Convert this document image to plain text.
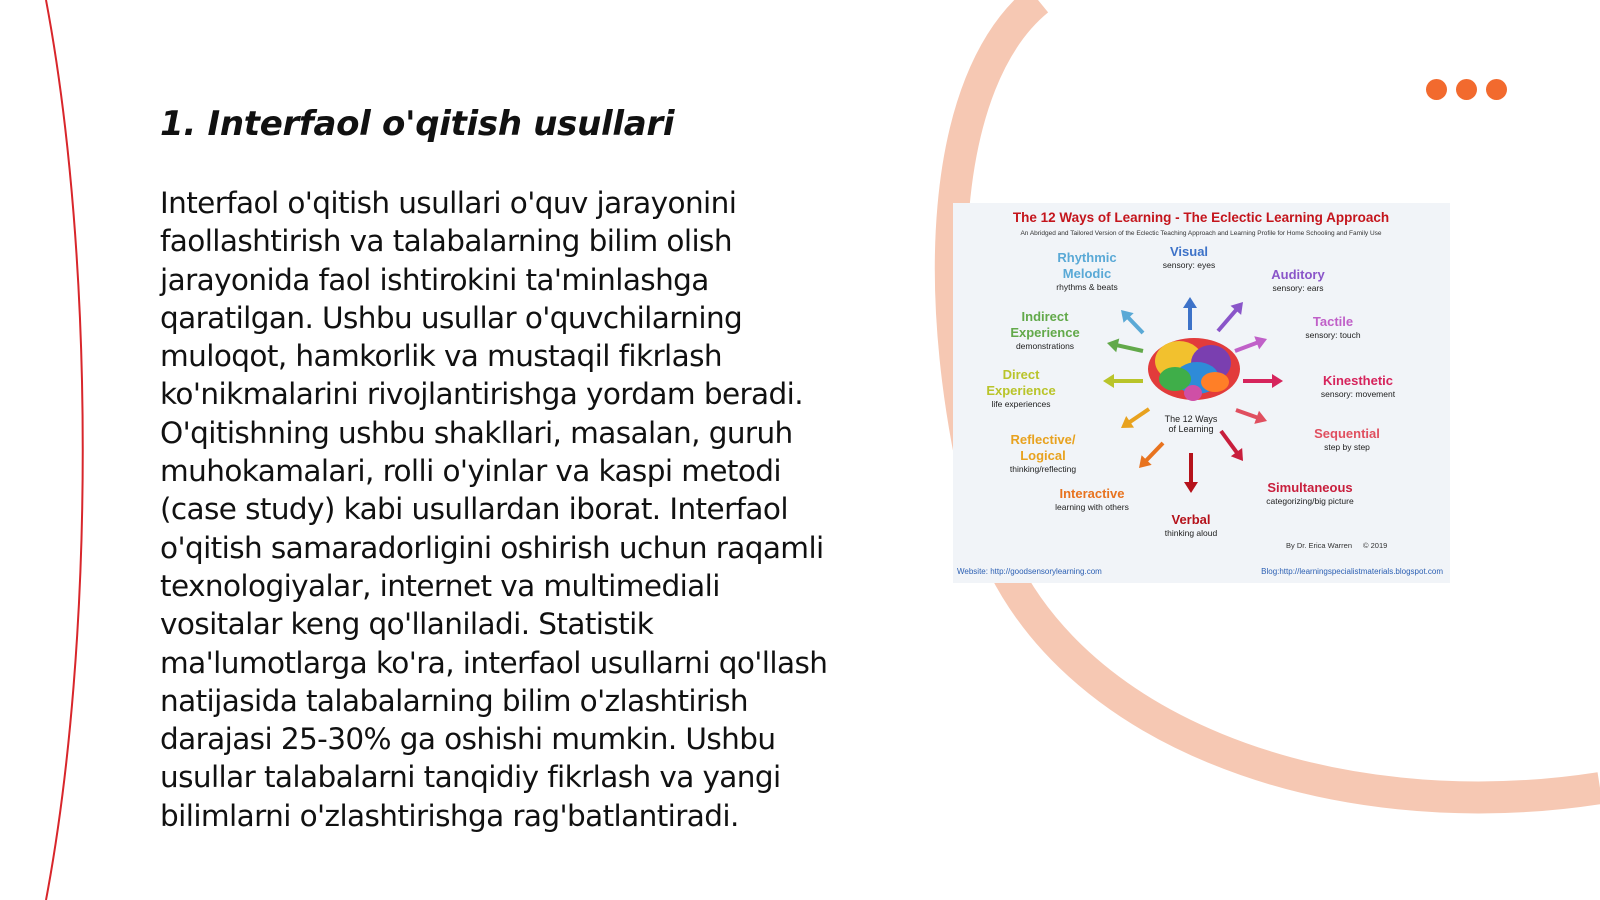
1. Interfaol o'qitish usullari

Interfaol o'qitish usullari o'quv jarayonini faollashtirish va talabalarning bilim olish jarayonida faol ishtirokini ta'minlashga qaratilgan. Ushbu usullar o'quvchilarning muloqot, hamkorlik va mustaqil fikrlash ko'nikmalarini rivojlantirishga yordam beradi. O'qitishning ushbu shakllari, masalan, guruh muhokamalari, rolli o'yinlar va kaspi metodi (case study) kabi usullardan iborat. Interfaol o'qitish samaradorligini oshirish uchun raqamli texnologiyalar, internet va multimediali vositalar keng qo'llaniladi. Statistik ma'lumotlarga ko'ra, interfaol usullarni qo'llash natijasida talabalarning bilim o'zlashtirish darajasi 25-30% ga oshishi mumkin. Ushbu usullar talabalarni tanqidiy fikrlash va yangi bilimlarni o'zlashtirishga rag'batlantiradi.

The 12 Ways of Learning - The Eclectic Learning Approach
An Abridged and Tailored Version of the Eclectic Teaching Approach and Learning Profile for Home Schooling and Family Use
The 12 Ways
of Learning
Rhythmic
Melodic
rhythms & beats
Visual
sensory: eyes
Auditory
sensory: ears
Tactile
sensory: touch
Kinesthetic
sensory: movement
Sequential
step by step
Simultaneous
categorizing/big picture
Verbal
thinking aloud
Interactive
learning with others
Reflective/
Logical
thinking/reflecting
Direct
Experience
life experiences
Indirect
Experience
demonstrations
By Dr. Erica Warren © 2019
Website: http://goodsensorylearning.com	Blog:http://learningspecialistmaterials.blogspot.com
